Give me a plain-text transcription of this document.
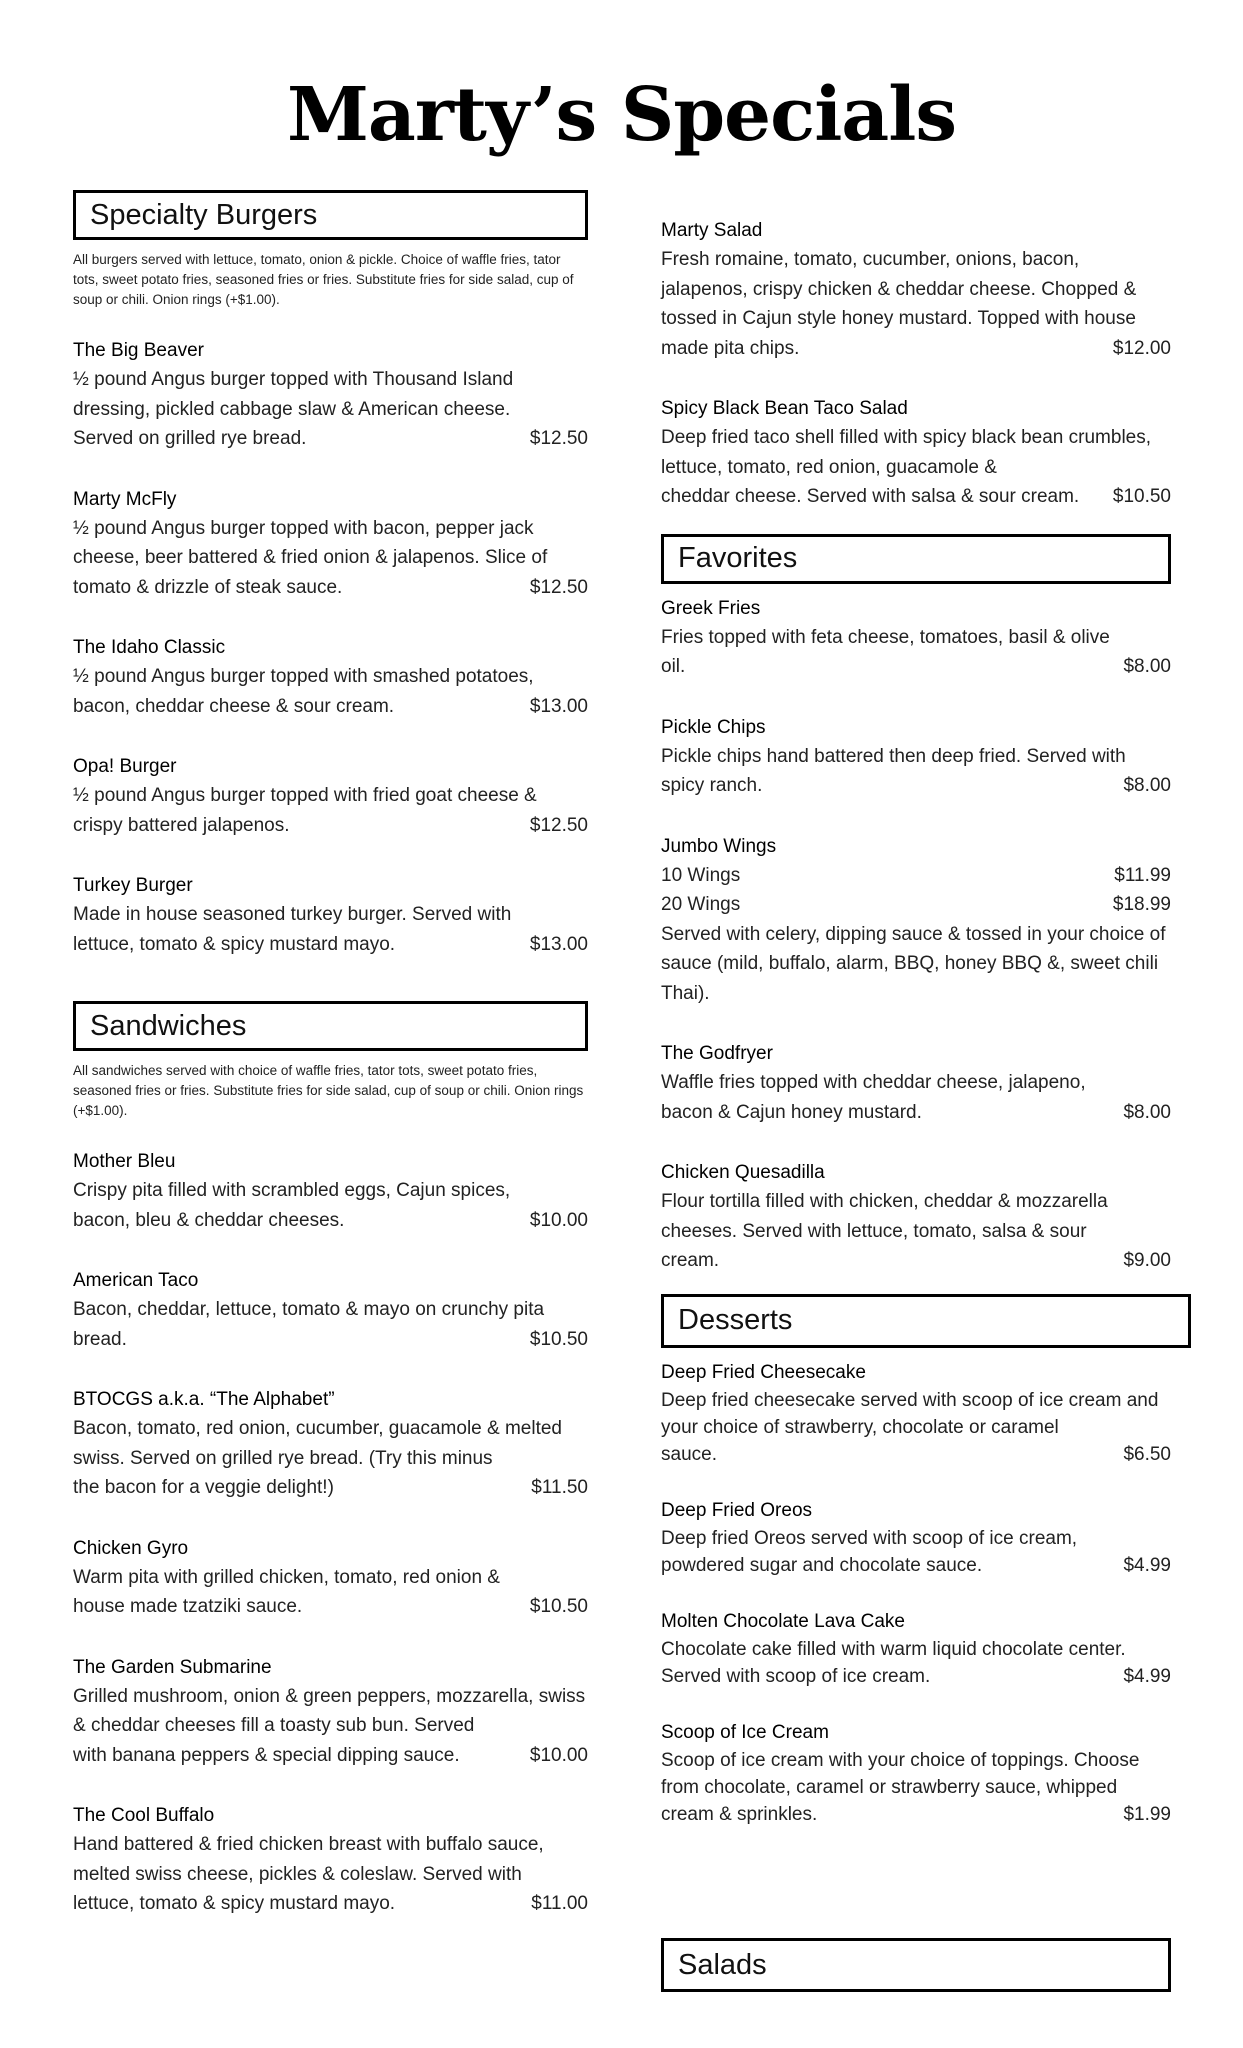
Marty’s Specials
Specialty Burgers

All burgers served with lettuce, tomato, onion & pickle. Choice of waffle fries, tator tots, sweet potato fries, seasoned fries or fries. Substitute fries for side salad, cup of soup or chili. Onion rings (+$1.00).

The Big Beaver
½ pound Angus burger topped with Thousand Island dressing, pickled cabbage slaw & American cheese.
Served on grilled rye bread.	$12.50
Marty McFly
½ pound Angus burger topped with bacon, pepper jack cheese, beer battered & fried onion & jalapenos. Slice of
tomato & drizzle of steak sauce.	$12.50
The Idaho Classic
½ pound Angus burger topped with smashed potatoes,
bacon, cheddar cheese & sour cream.	$13.00
Opa! Burger
½ pound Angus burger topped with fried goat cheese &
crispy battered jalapenos.	$12.50
Turkey Burger
Made in house seasoned turkey burger. Served with
lettuce, tomato & spicy mustard mayo.	$13.00
Sandwiches

All sandwiches served with choice of waffle fries, tator tots, sweet potato fries, seasoned fries or fries. Substitute fries for side salad, cup of soup or chili. Onion rings (+$1.00).

Mother Bleu
Crispy pita filled with scrambled eggs, Cajun spices,
bacon, bleu & cheddar cheeses.	$10.00
American Taco
Bacon, cheddar, lettuce, tomato & mayo on crunchy pita
bread.	$10.50
BTOCGS a.k.a. “The Alphabet”
Bacon, tomato, red onion, cucumber, guacamole & melted swiss. Served on grilled rye bread. (Try this minus
the bacon for a veggie delight!)	$11.50
Chicken Gyro
Warm pita with grilled chicken, tomato, red onion &
house made tzatziki sauce.	$10.50
The Garden Submarine
Grilled mushroom, onion & green peppers, mozzarella, swiss & cheddar cheeses fill a toasty sub bun. Served
with banana peppers & special dipping sauce.	$10.00
The Cool Buffalo
Hand battered & fried chicken breast with buffalo sauce, melted swiss cheese, pickles & coleslaw. Served with
lettuce, tomato & spicy mustard mayo.	$11.00
Marty Salad
Fresh romaine, tomato, cucumber, onions, bacon, jalapenos, crispy chicken & cheddar cheese. Chopped & tossed in Cajun style honey mustard. Topped with house
made pita chips.	$12.00
Spicy Black Bean Taco Salad
Deep fried taco shell filled with spicy black bean crumbles, lettuce, tomato, red onion, guacamole &
cheddar cheese. Served with salsa & sour cream. $10.50
Favorites
Greek Fries
Fries topped with feta cheese, tomatoes, basil & olive
oil.	$8.00
Pickle Chips
Pickle chips hand battered then deep fried. Served with
spicy ranch.	$8.00
Jumbo Wings
10 Wings	$11.99
20 Wings	$18.99
Served with celery, dipping sauce & tossed in your choice of sauce (mild, buffalo, alarm, BBQ, honey BBQ &, sweet chili Thai).
The Godfryer
Waffle fries topped with cheddar cheese, jalapeno,
bacon & Cajun honey mustard.	$8.00
Chicken Quesadilla
Flour tortilla filled with chicken, cheddar & mozzarella cheeses. Served with lettuce, tomato, salsa & sour
cream.	$9.00
Desserts
Deep Fried Cheesecake
Deep fried cheesecake served with scoop of ice cream and your choice of strawberry, chocolate or caramel
sauce.	$6.50
Deep Fried Oreos
Deep fried Oreos served with scoop of ice cream,
powdered sugar and chocolate sauce.	$4.99
Molten Chocolate Lava Cake
Chocolate cake filled with warm liquid chocolate center.
Served with scoop of ice cream.	$4.99
Scoop of Ice Cream
Scoop of ice cream with your choice of toppings. Choose from chocolate, caramel or strawberry sauce, whipped
cream & sprinkles.	$1.99
Salads
